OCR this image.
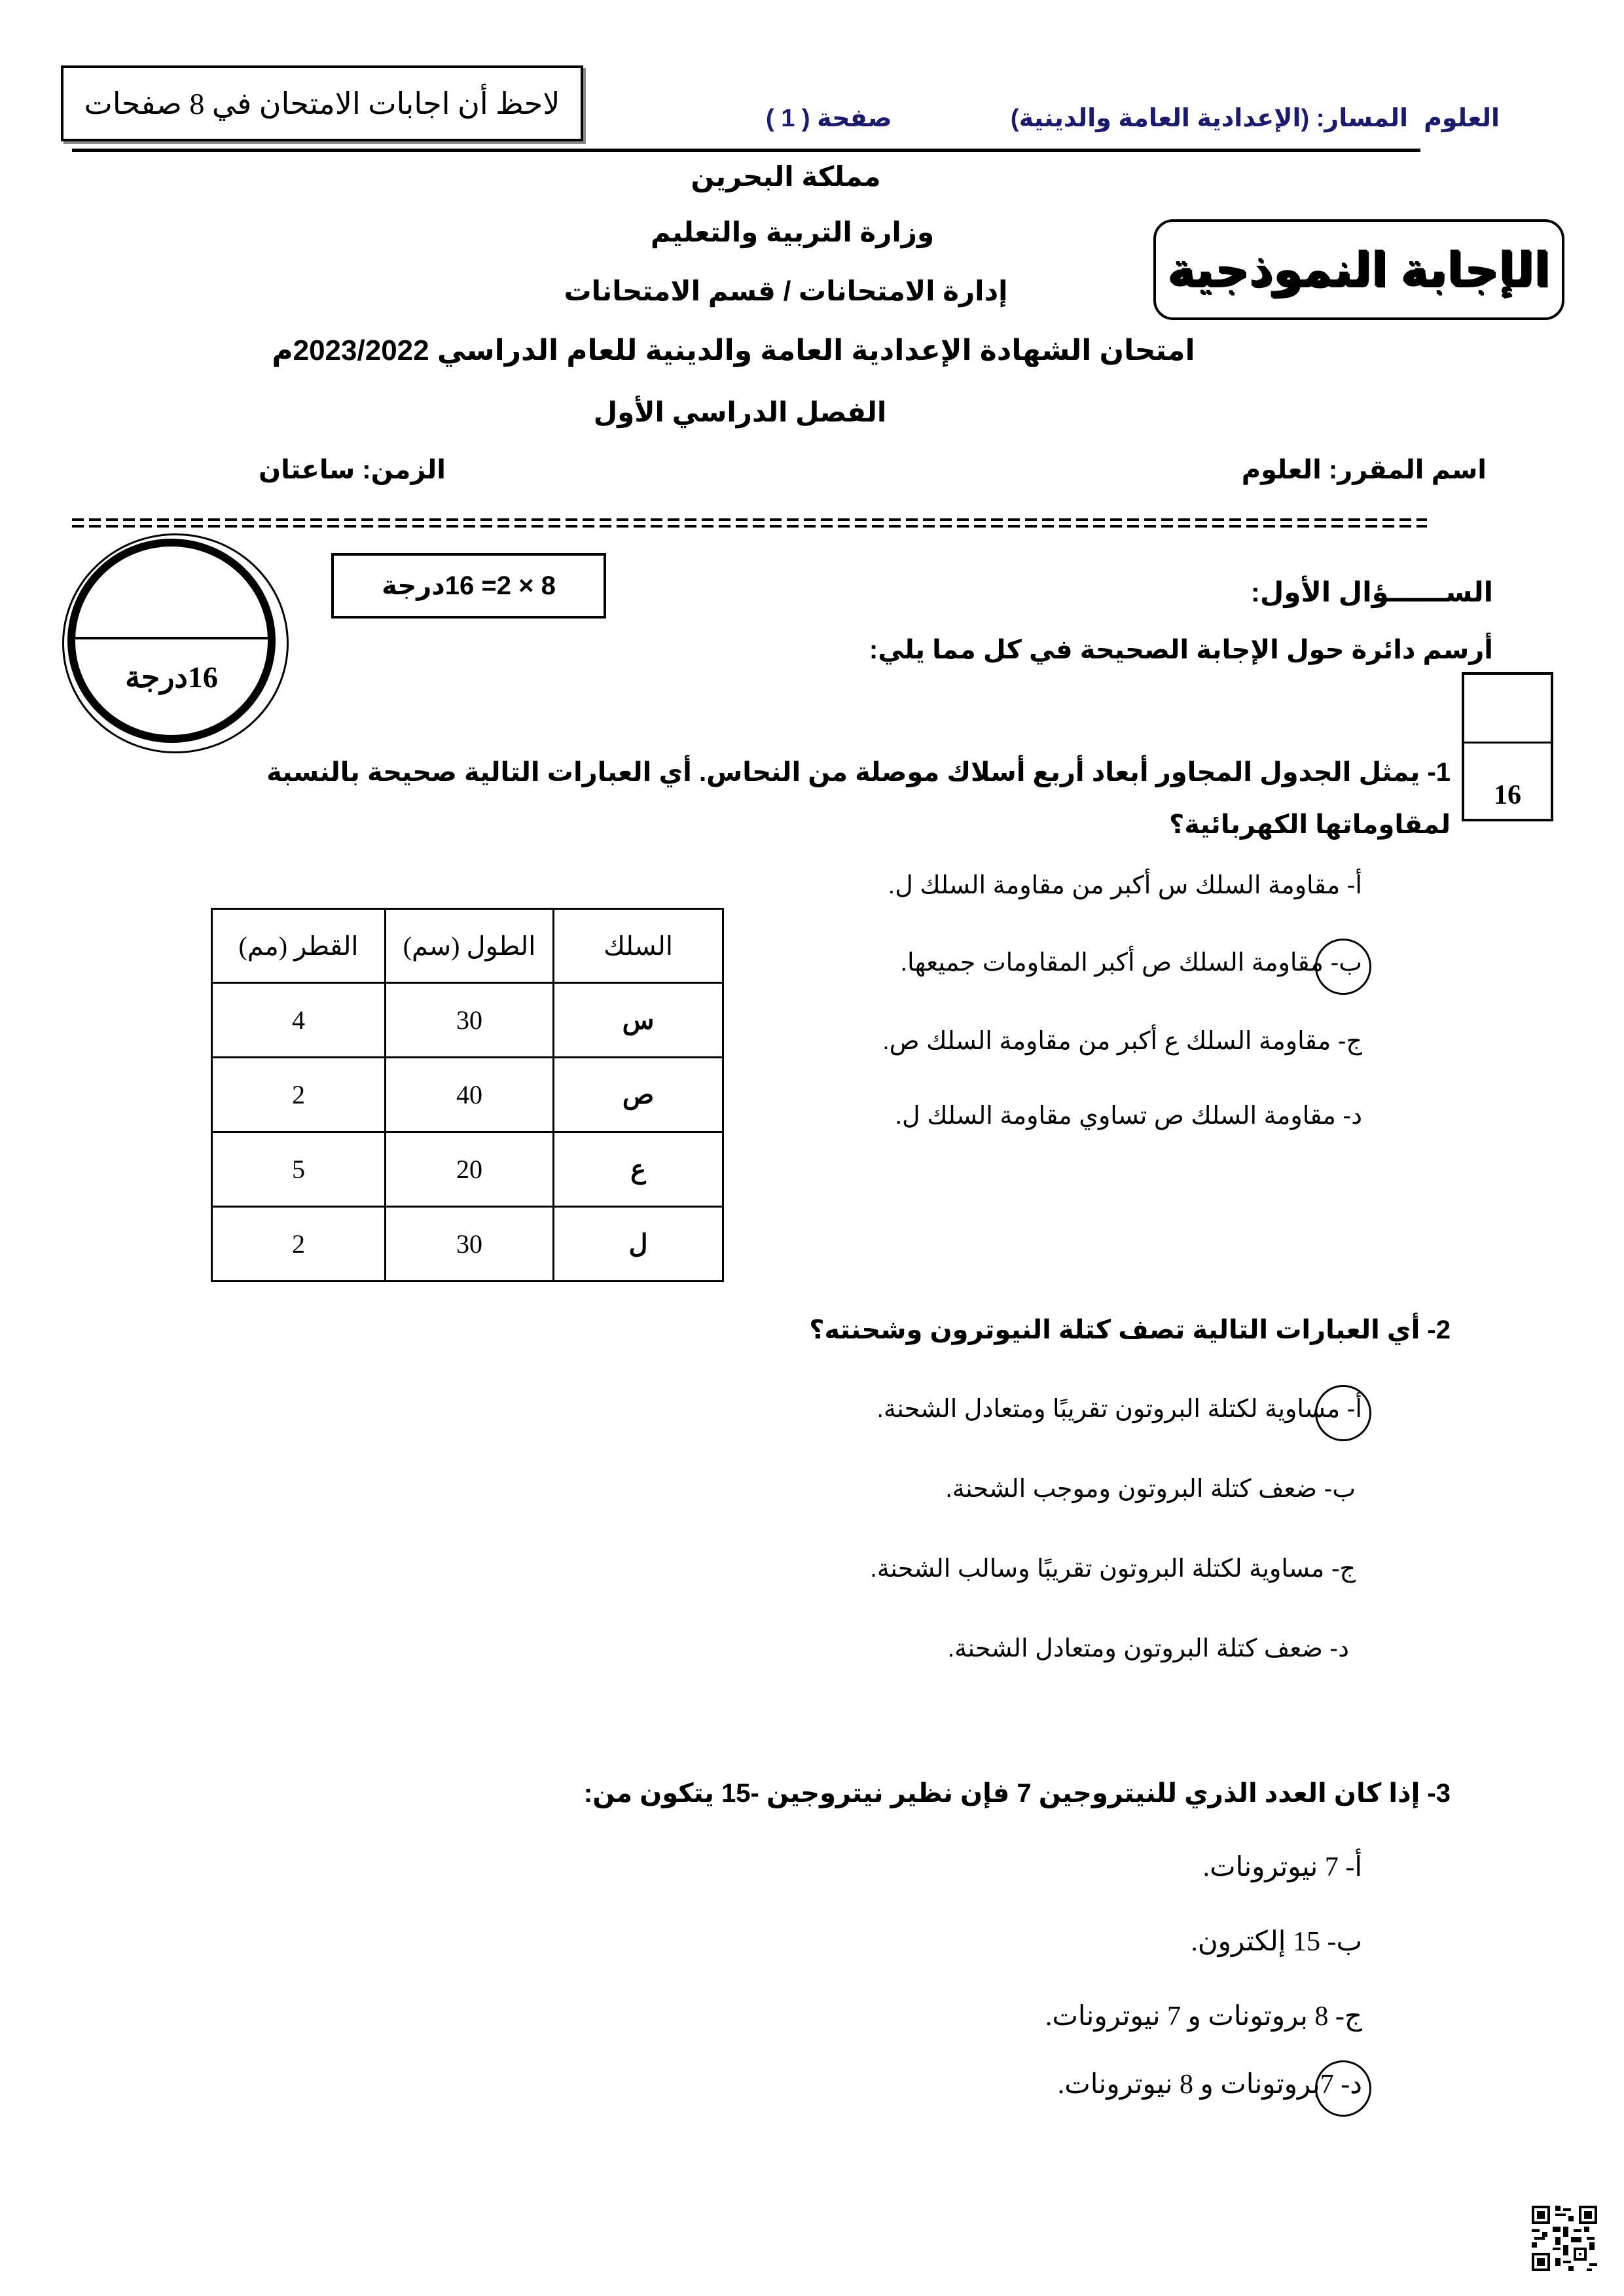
لاحظ أن اجابات الامتحان في 8 صفحات	العلوم
المسار: (الإعدادية العامة والدينية)
صفحة ( 1 )
مملكة البحرين
وزارة التربية والتعليم
إدارة الامتحانات / قسم الامتحانات
امتحان الشهادة الإعدادية العامة والدينية للعام الدراسي 2023/2022م
الفصل الدراسي الأول
الإجابة النموذجية
اسم المقرر: العلوم
الزمن: ساعتان
16درجة
8 × 2= 16درجة	الســــــؤال الأول:
أرسم دائرة حول الإجابة الصحيحة في كل مما يلي:
16
1- يمثل الجدول المجاور أبعاد أربع أسلاك موصلة من النحاس. أي العبارات التالية صحيحة بالنسبة لمقاوماتها الكهربائية؟
أ- مقاومة السلك س أكبر من مقاومة السلك ل.
ب- مقاومة السلك ص أكبر المقاومات جميعها.
ج- مقاومة السلك ع أكبر من مقاومة السلك ص.
د- مقاومة السلك ص تساوي مقاومة السلك ل.
السلك	الطول (سم)	القطر (مم)
س	30	4
ص	40	2
ع	20	5
ل	30	2
2- أي العبارات التالية تصف كتلة النيوترون وشحنته؟
أ- مساوية لكتلة البروتون تقريبًا ومتعادل الشحنة.
ب- ضعف كتلة البروتون وموجب الشحنة.
ج- مساوية لكتلة البروتون تقريبًا وسالب الشحنة.
د- ضعف كتلة البروتون ومتعادل الشحنة.
3- إذا كان العدد الذري للنيتروجين 7 فإن نظير نيتروجين -15 يتكون من:
أ- 7 نيوترونات.
ب- 15 إلكترون.
ج- 8 بروتونات و 7 نيوترونات.
د- 7بروتونات و 8 نيوترونات.
